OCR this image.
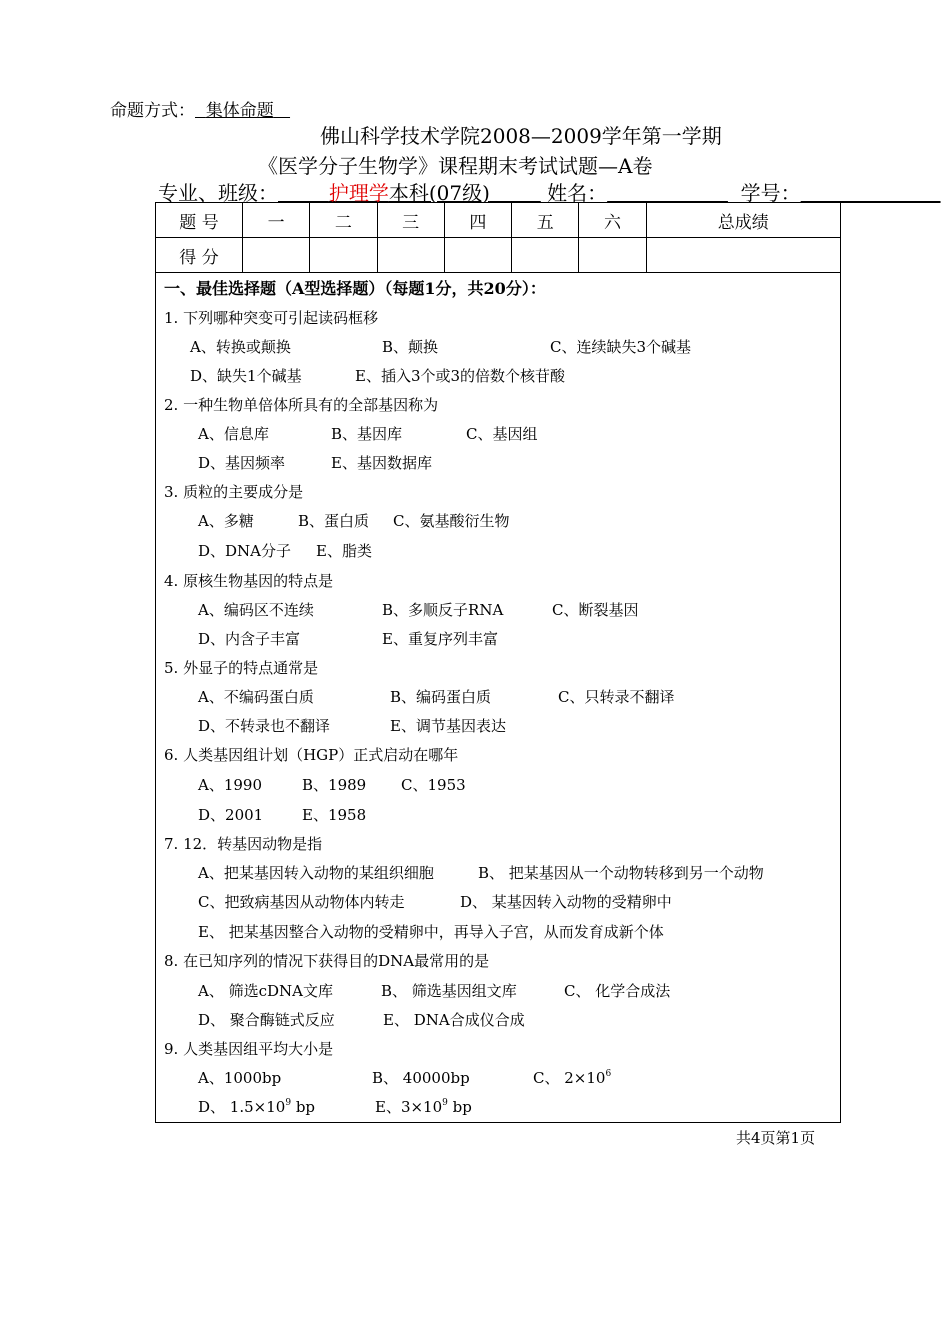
命题方式： 集体命题
佛山科学技术学院2008—2009学年第一学期
《医学分子生物学》课程期末考试试题—A卷
专业、班级：	护理学本科(07级)	姓名：	学号：
题 号	一	二	三	四	五	六	总成绩
得 分							
一、最佳选择题（A型选择题）（每题1分，共20分）：
1. 下列哪种突变可引起读码框移
A、转换或颠换	B、颠换	C、连续缺失3个碱基
D、缺失1个碱基	E、插入3个或3的倍数个核苷酸
2. 一种生物单倍体所具有的全部基因称为
A、信息库	B、基因库	C、基因组
D、基因频率	E、基因数据库
3. 质粒的主要成分是
A、多糖	B、蛋白质 C、氨基酸衍生物
D、DNA分子 E、脂类
4. 原核生物基因的特点是
A、编码区不连续	B、多顺反子RNA	C、断裂基因
D、内含子丰富	E、重复序列丰富
5. 外显子的特点通常是
A、不编码蛋白质	B、编码蛋白质	C、只转录不翻译
D、不转录也不翻译	E、调节基因表达
6. 人类基因组计划（HGP）正式启动在哪年
A、1990	B、1989 C、1953
D、2001	E、1958
7. 12．转基因动物是指
A、把某基因转入动物的某组织细胞	B、 把某基因从一个动物转移到另一个动物
C、把致病基因从动物体内转走	D、 某基因转入动物的受精卵中
E、 把某基因整合入动物的受精卵中，再导入子宫，从而发育成新个体
8. 在已知序列的情况下获得目的DNA最常用的是
A、 筛选cDNA文库	B、 筛选基因组文库	C、 化学合成法
D、 聚合酶链式反应	E、 DNA合成仪合成
9. 人类基因组平均大小是
A、1000bp	B、 40000bp	C、 $2\times 10^6$
D、 $1.5\times 10^9$ bp	E、$3\times 10^9$ bp
共4页第1页
